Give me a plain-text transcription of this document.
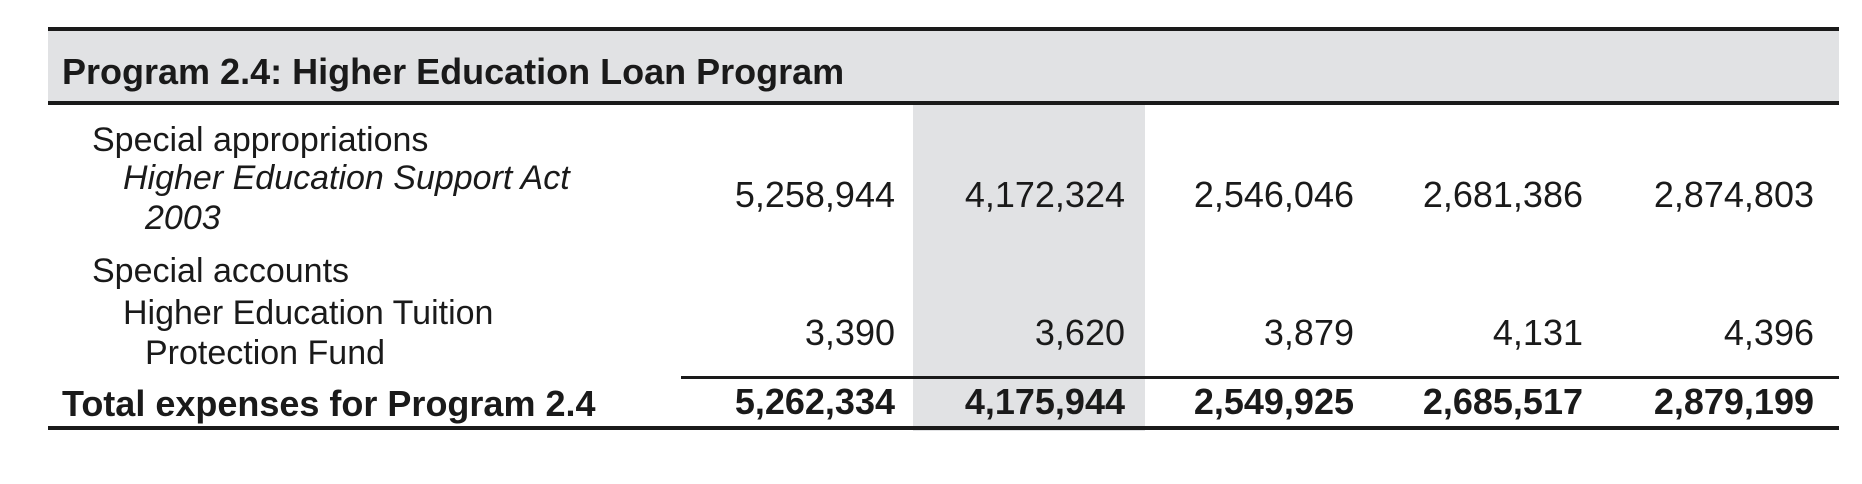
Program 2.4: Higher Education Loan Program
Special appropriations
Higher Education Support Act
2003
5,258,944	4,172,324	2,546,046	2,681,386	2,874,803
Special accounts
Higher Education Tuition
Protection Fund	3,390	3,620	3,879	4,131	4,396
Total expenses for Program 2.4	5,262,334	4,175,944	2,549,925	2,685,517	2,879,199
